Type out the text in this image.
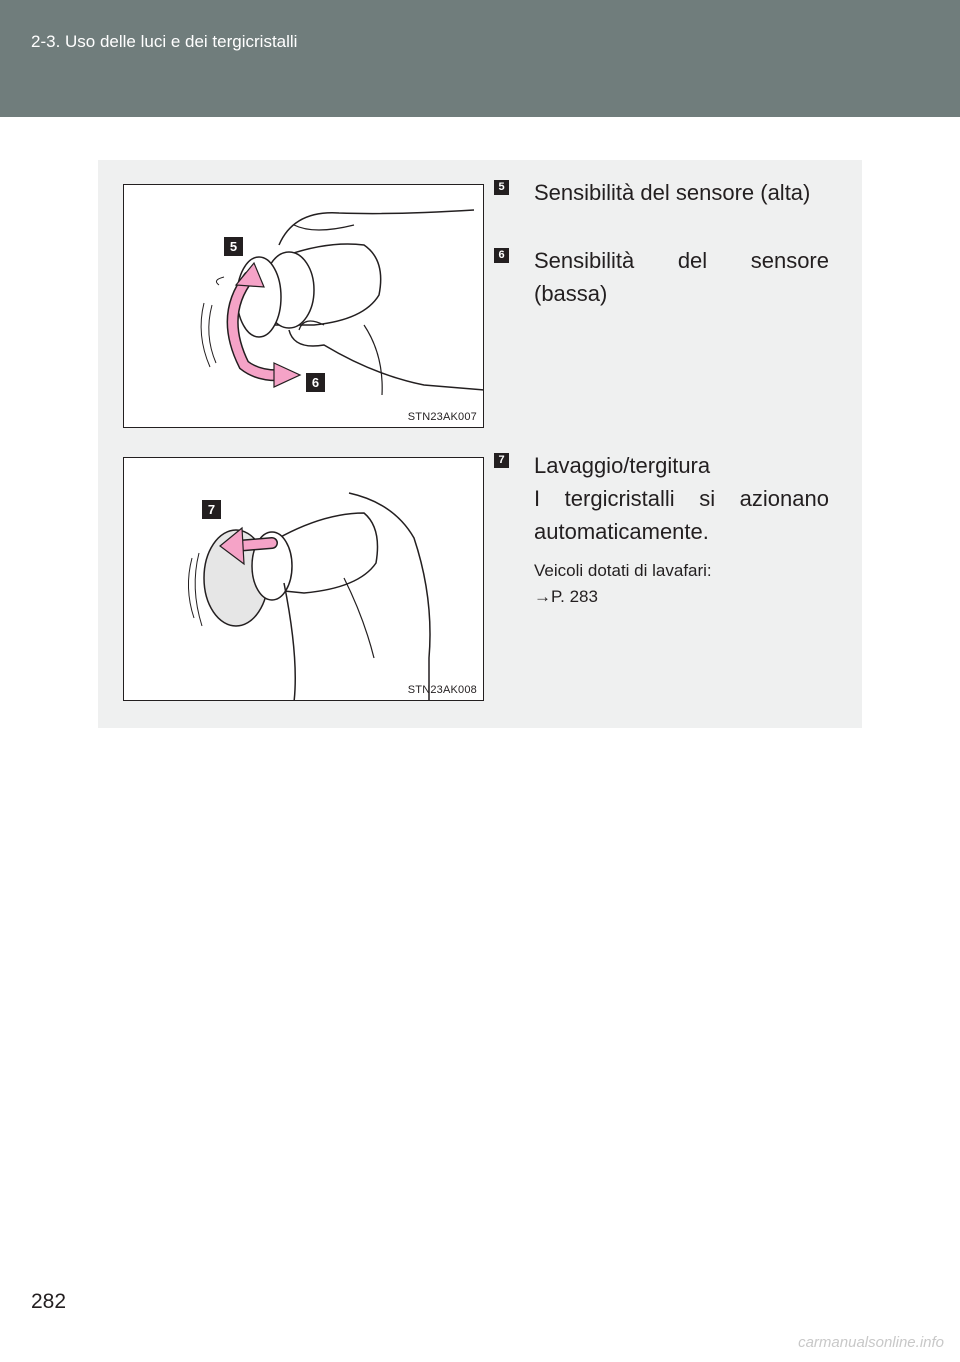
2-3. Uso delle luci e dei tergicristalli
5
6
STN23AK007
7
STN23AK008
5 Sensibilità del sensore (alta)
6 Sensibilità del sensore (bassa)
7 Lavaggio/tergitura
I tergicristalli si azionano automaticamente.
Veicoli dotati di lavafari:
→P. 283
282
carmanualsonline.info
